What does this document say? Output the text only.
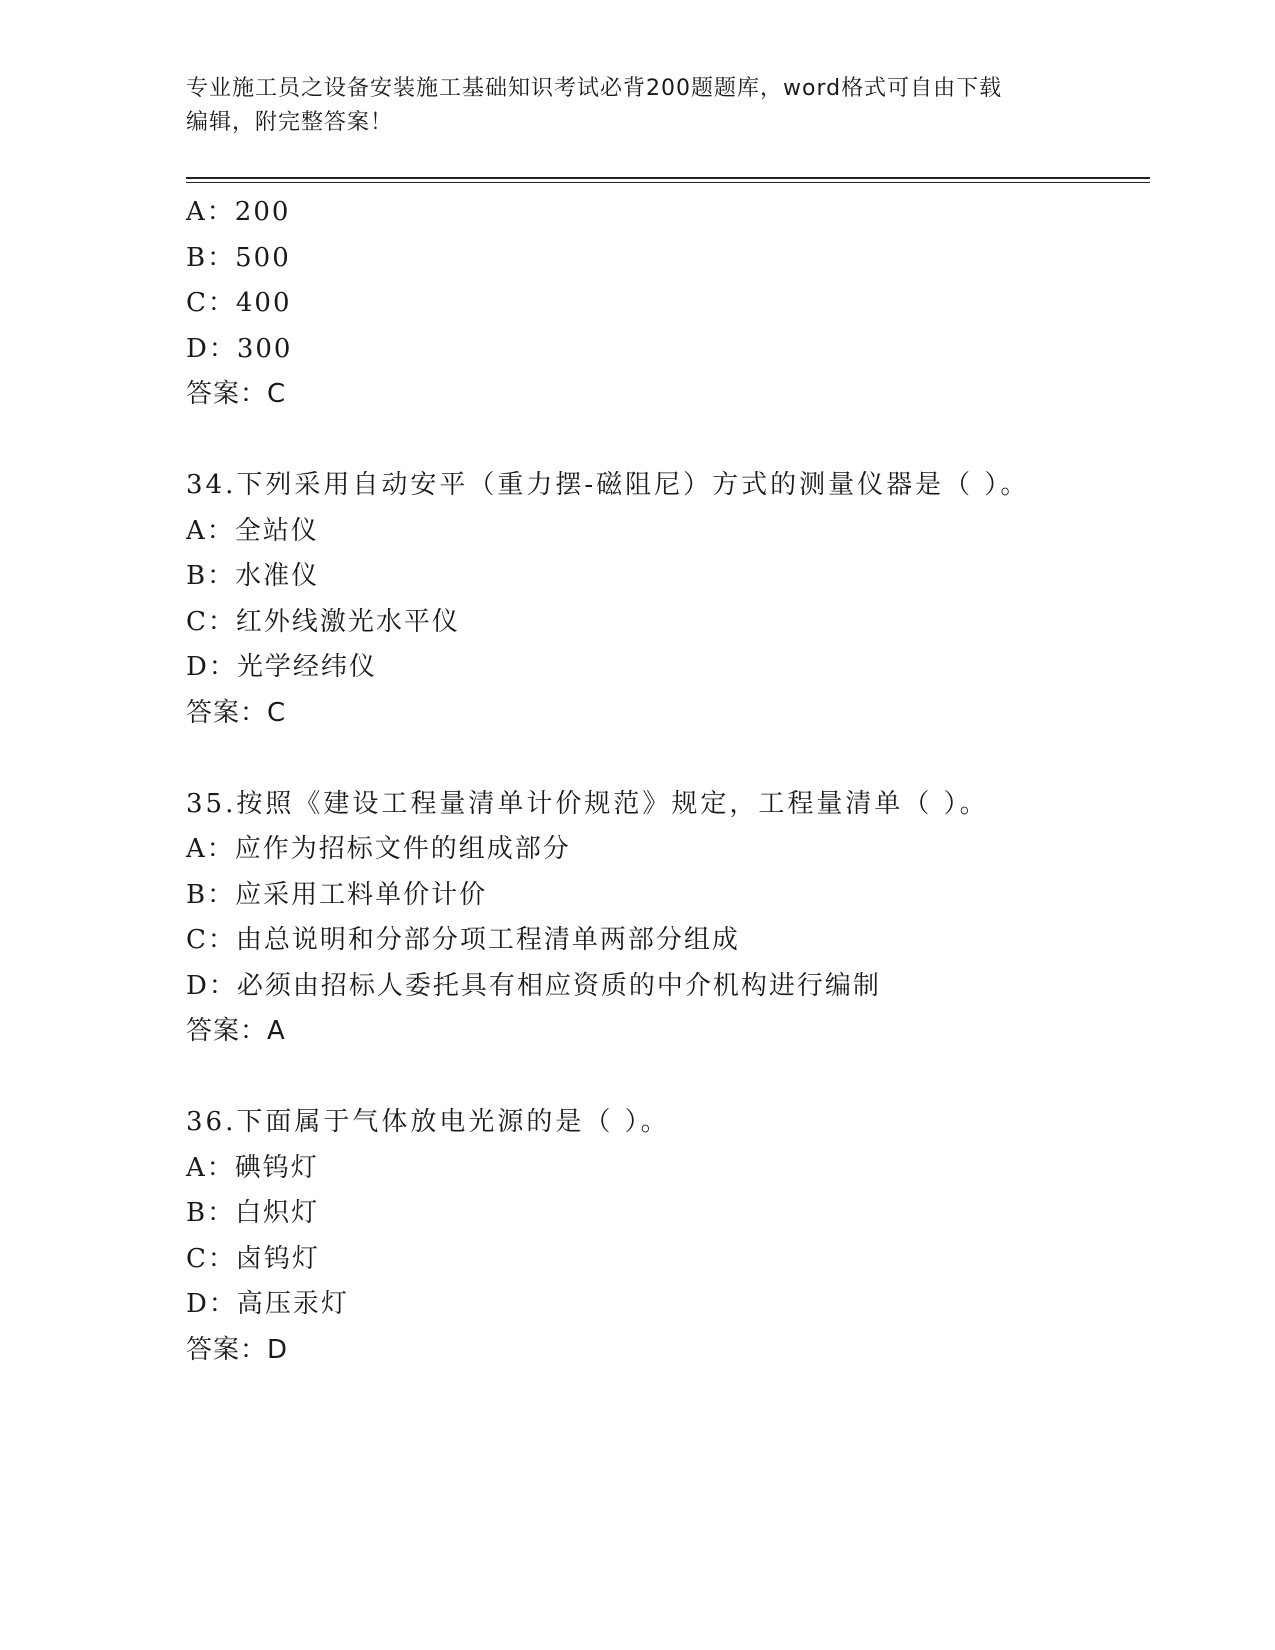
专业施工员之设备安装施工基础知识考试必背200题题库，word格式可自由下载
编辑，附完整答案！
A：200
B：500
C：400
D：300
答案：C
34.下列采用自动安平（重力摆-磁阻尼）方式的测量仪器是（ ）。
A：全站仪
B：水准仪
C：红外线激光水平仪
D：光学经纬仪
答案：C
35.按照《建设工程量清单计价规范》规定，工程量清单（ ）。
A：应作为招标文件的组成部分
B：应采用工料单价计价
C：由总说明和分部分项工程清单两部分组成
D：必须由招标人委托具有相应资质的中介机构进行编制
答案：A
36.下面属于气体放电光源的是（ ）。
A：碘钨灯
B：白炽灯
C：卤钨灯
D：高压汞灯
答案：D
